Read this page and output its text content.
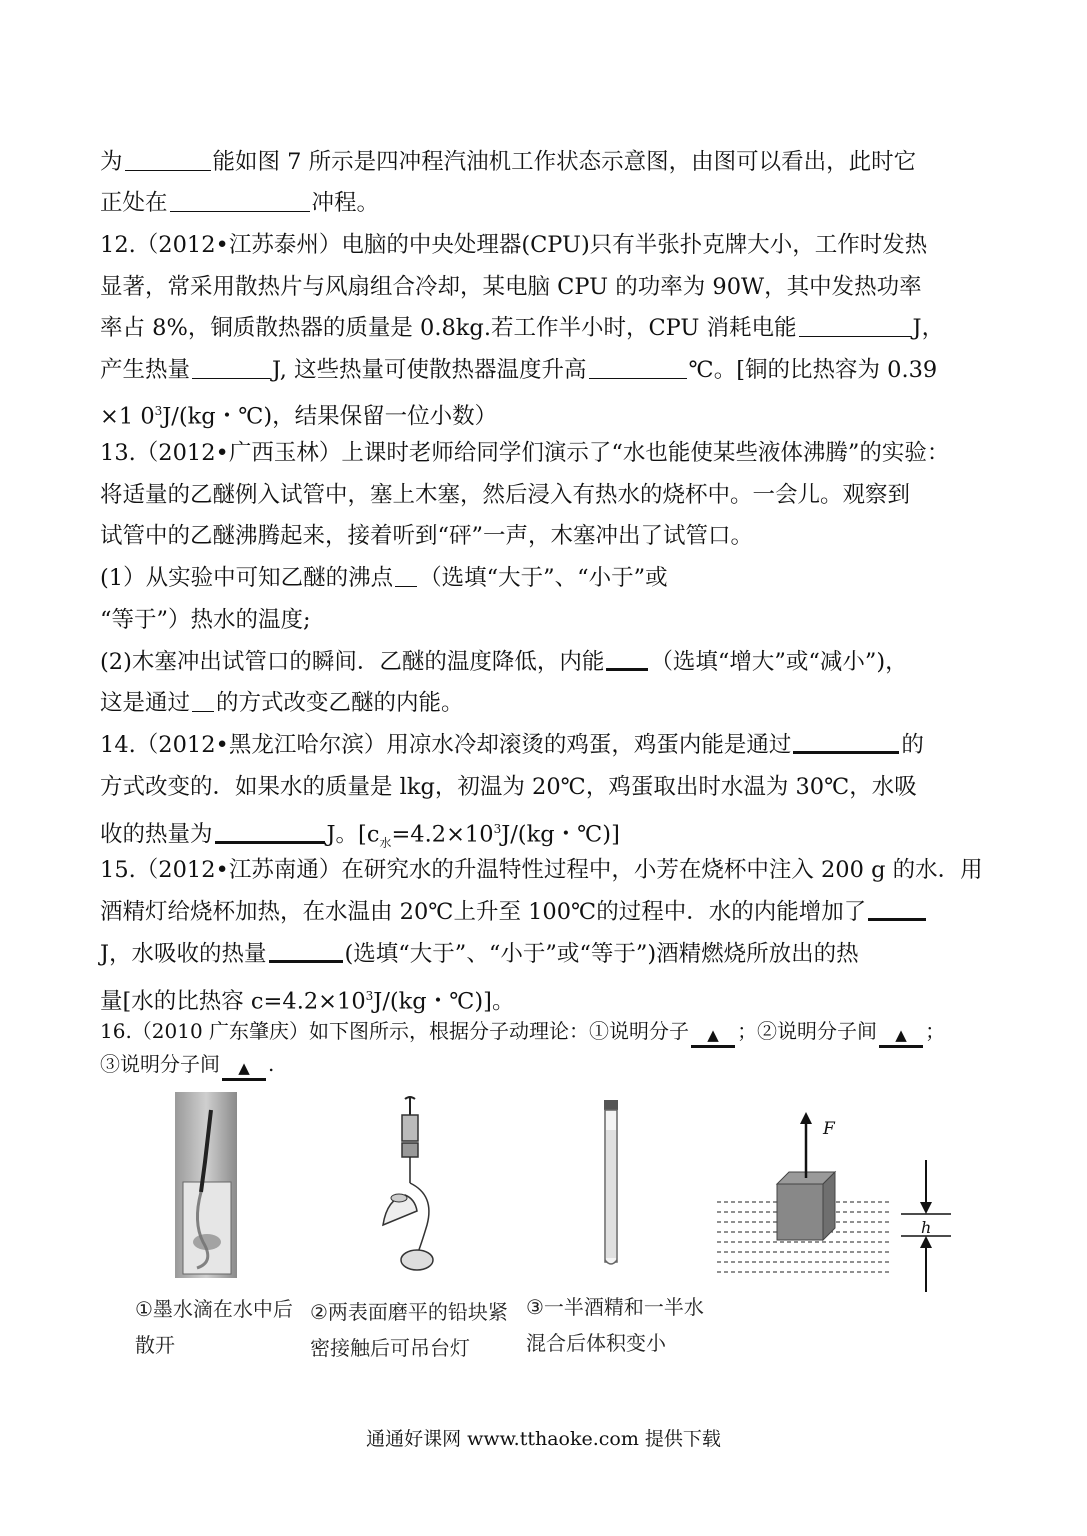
为	能如图 7 所示是四冲程汽油机工作状态示意图，由图可以看出，此时它
正处在	冲程。
12.（2012•江苏泰州）电脑的中央处理器(CPU)只有半张扑克牌大小，工作时发热
显著，常采用散热片与风扇组合冷却，某电脑 CPU 的功率为 90W，其中发热功率
率占 8%，铜质散热器的质量是 0.8kg.若工作半小时，CPU 消耗电能	J，
产生热量	J, 这些热量可使散热器温度升高	℃。[铜的比热容为 0.39
×1 $0^3J/(kg$・℃)，结果保留一位小数）
13.（2012•广西玉林）上课时老师给同学们演示了“水也能使某些液体沸腾”的实验：
将适量的乙醚例入试管中，塞上木塞，然后浸入有热水的烧杯中。一会儿。观察到
试管中的乙醚沸腾起来，接着听到“砰”一声，木塞冲出了试管口。
(1）从实验中可知乙醚的沸点 （选填“大于”、“小于”或
“等于”）热水的温度;
(2)木塞冲出试管口的瞬间．乙醚的温度降低，内能 （选填“增大”或“减小”)，
这是通过 的方式改变乙醚的内能。
14.（2012•黑龙江哈尔滨）用凉水冷却滚烫的鸡蛋，鸡蛋内能是通过	的
方式改变的．如果水的质量是 lkg，初温为 20℃，鸡蛋取出时水温为 30℃，水吸
收的热量为	J。[$c_水=4.2\times 10^3J/(kg$・℃)]
15.（2012•江苏南通）在研究水的升温特性过程中，小芳在烧杯中注入 200 g 的水．用
酒精灯给烧杯加热，在水温由 20℃上升至 100℃的过程中．水的内能增加了
J，水吸收的热量	(选填“大于”、“小于”或“等于”)酒精燃烧所放出的热
量[水的比热容 $c=4.2\times 10^3J/(kg$・℃)]。
16.（2010 广东肇庆）如下图所示，根据分子动理论：①说明分子 ▲ ；②说明分子间 ▲ ；
③说明分子间 ▲ .
F
h
①墨水滴在水中后
散开
②两表面磨平的铅块紧
密接触后可吊台灯
③一半酒精和一半水
混合后体积变小
通通好课网 www.tthaoke.com 提供下载
